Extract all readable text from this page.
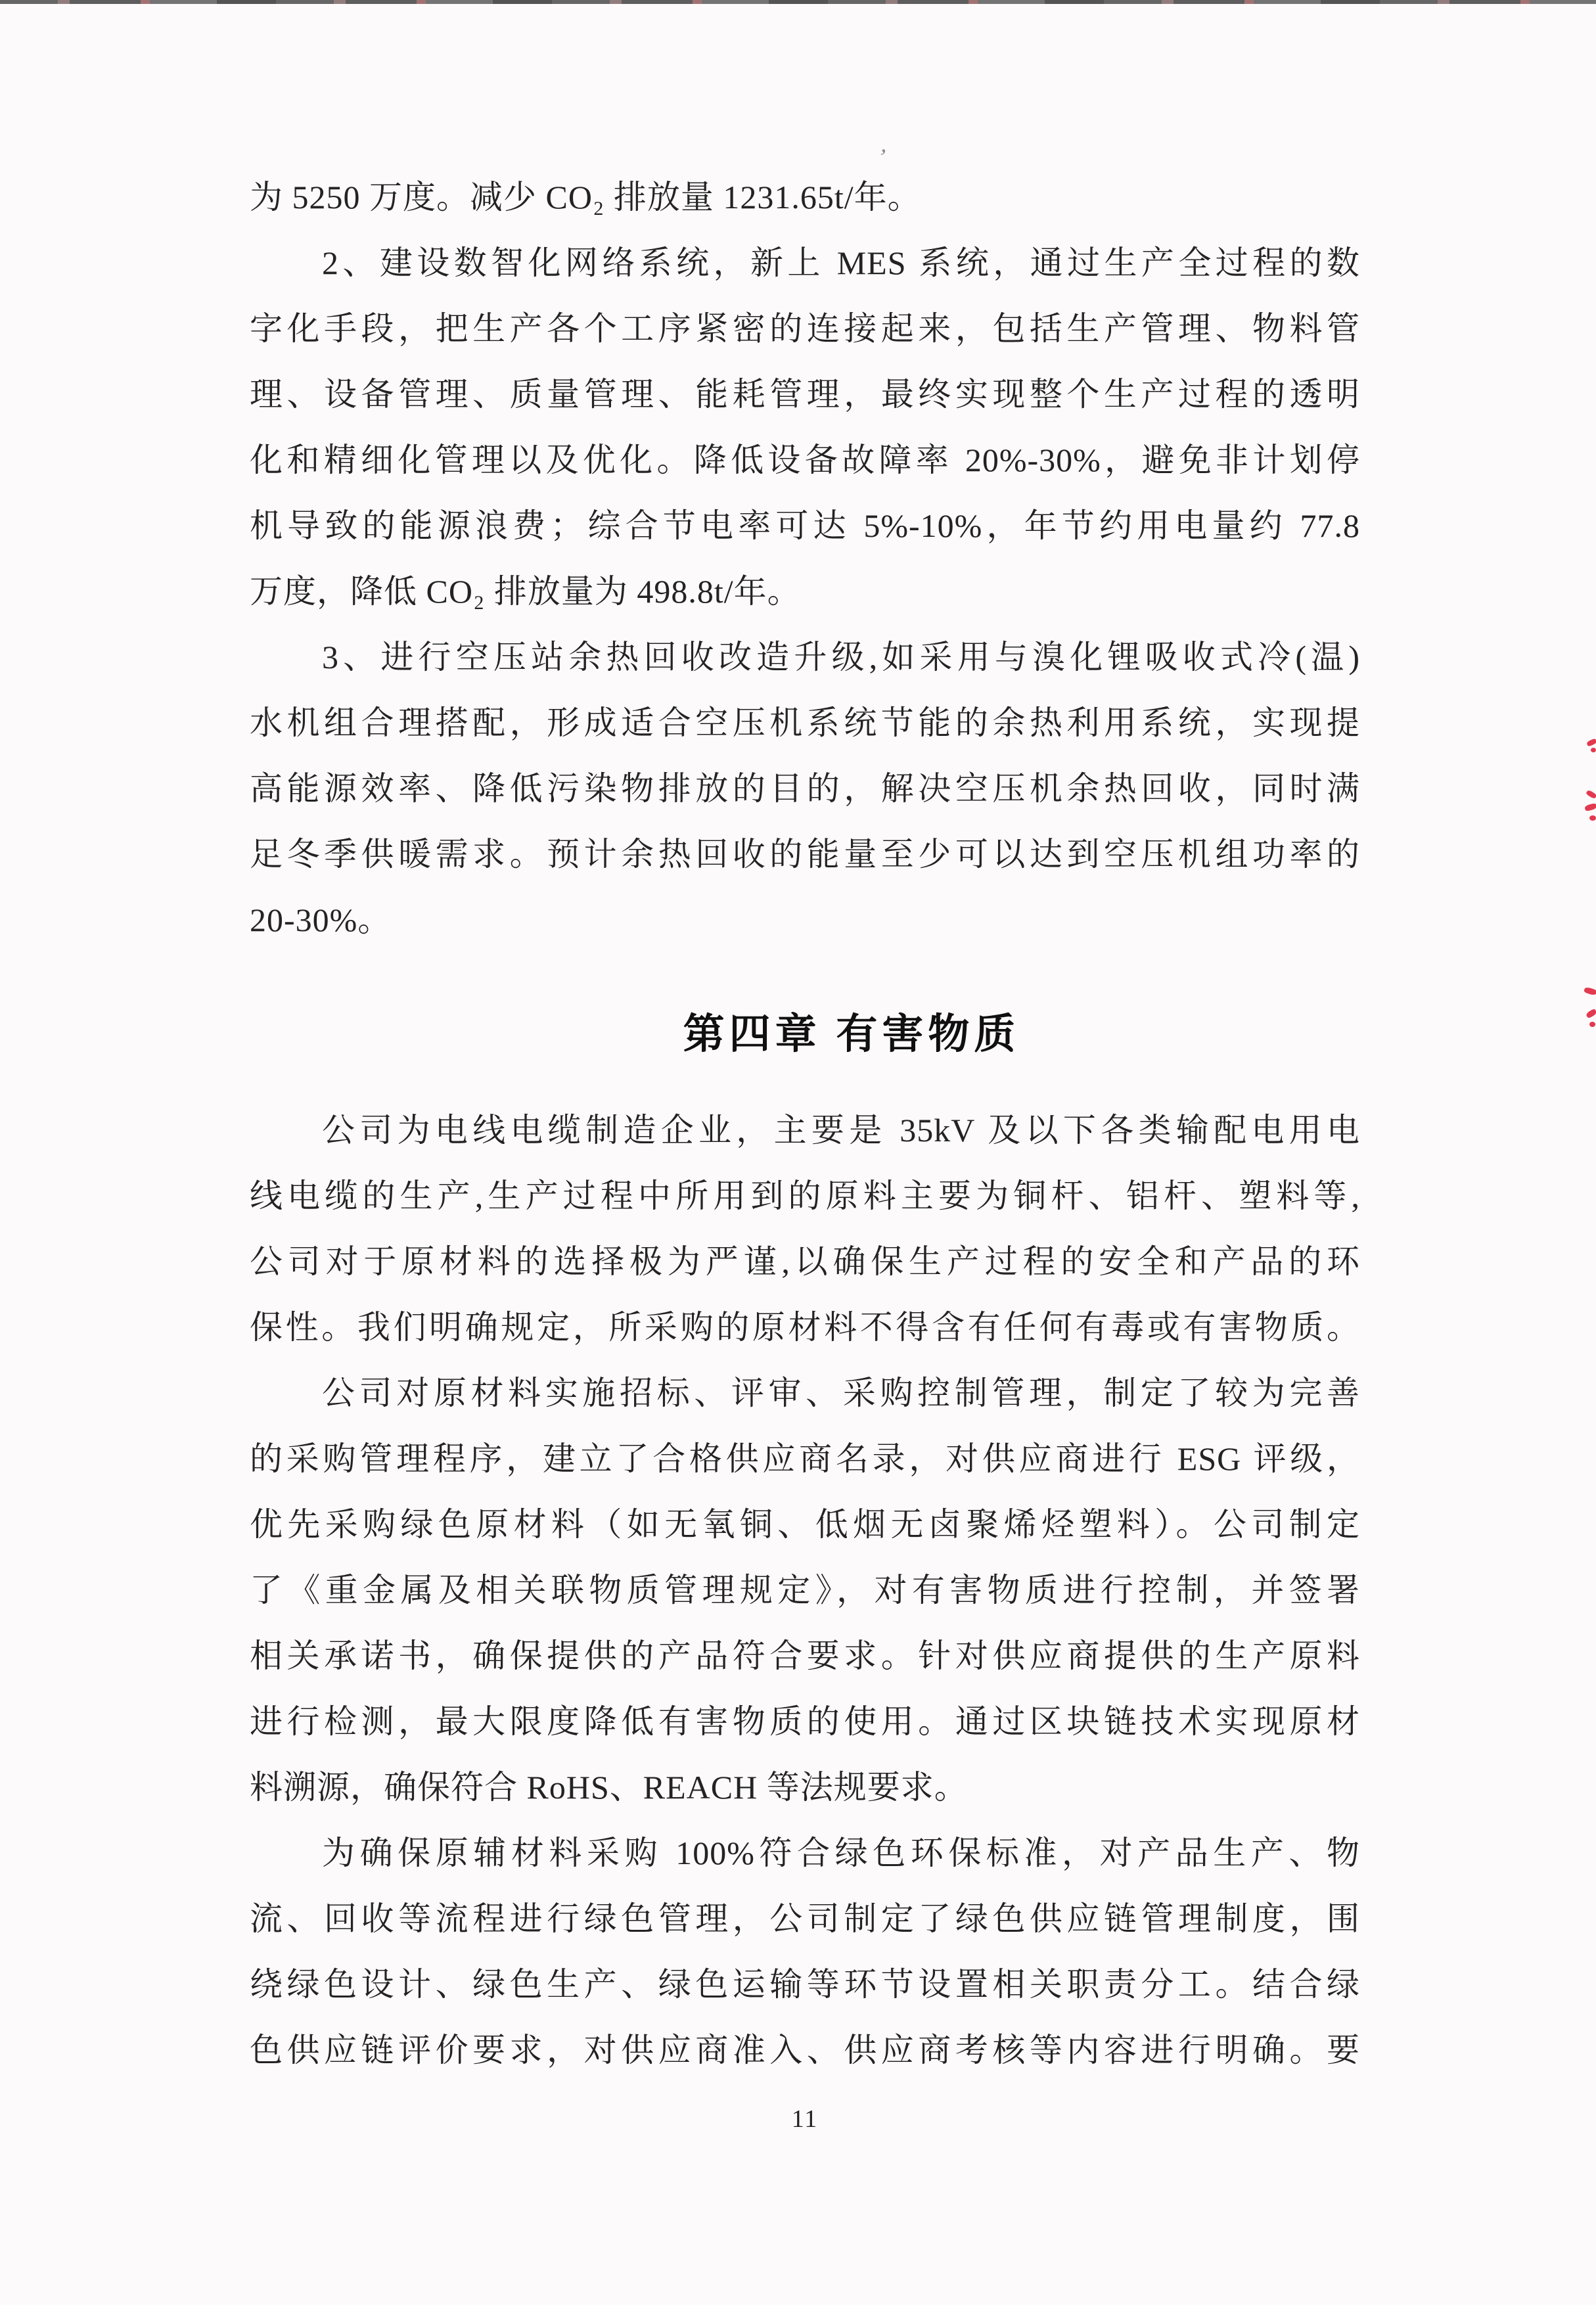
’

为 5250 万度。减少 CO₂ 排放量 1231.65t/年。

2、建设数智化网络系统，新上 MES 系统，通过生产全过程的数

字化手段，把生产各个工序紧密的连接起来，包括生产管理、物料管

理、设备管理、质量管理、能耗管理，最终实现整个生产过程的透明

化和精细化管理以及优化。降低设备故障率 20%-30%，避免非计划停

机导致的能源浪费；综合节电率可达 5%-10%，年节约用电量约 77.8

万度，降低 CO₂ 排放量为 498.8t/年。

3、进行空压站余热回收改造升级,如采用与溴化锂吸收式冷(温)

水机组合理搭配，形成适合空压机系统节能的余热利用系统，实现提

高能源效率、降低污染物排放的目的，解决空压机余热回收，同时满

足冬季供暖需求。预计余热回收的能量至少可以达到空压机组功率的

20-30%。

第四章 有害物质

公司为电线电缆制造企业，主要是 35kV 及以下各类输配电用电

线电缆的生产,生产过程中所用到的原料主要为铜杆、铝杆、塑料等,

公司对于原材料的选择极为严谨,以确保生产过程的安全和产品的环

保性。我们明确规定，所采购的原材料不得含有任何有毒或有害物质。

公司对原材料实施招标、评审、采购控制管理，制定了较为完善

的采购管理程序，建立了合格供应商名录，对供应商进行 ESG 评级，

优先采购绿色原材料（如无氧铜、低烟无卤聚烯烃塑料）。公司制定

了《重金属及相关联物质管理规定》，对有害物质进行控制，并签署

相关承诺书，确保提供的产品符合要求。针对供应商提供的生产原料

进行检测，最大限度降低有害物质的使用。通过区块链技术实现原材

料溯源，确保符合 RoHS、REACH 等法规要求。

为确保原辅材料采购 100%符合绿色环保标准，对产品生产、物

流、回收等流程进行绿色管理，公司制定了绿色供应链管理制度，围

绕绿色设计、绿色生产、绿色运输等环节设置相关职责分工。结合绿

色供应链评价要求，对供应商准入、供应商考核等内容进行明确。要

11
